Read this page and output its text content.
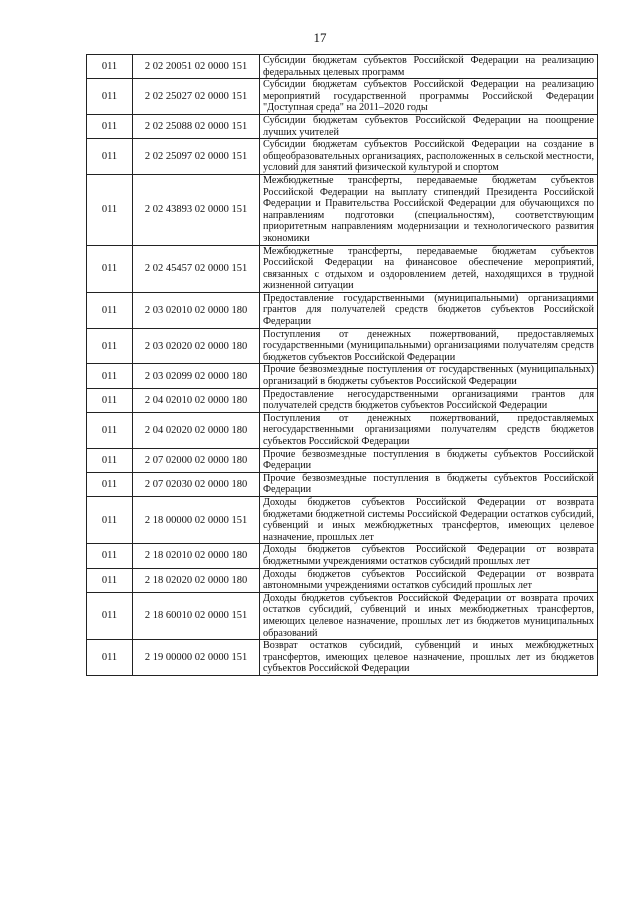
17
011	2 02 20051 02 0000 151	Субсидии бюджетам субъектов Российской Федерации на реализацию федеральных целевых программ
011	2 02 25027 02 0000 151	Субсидии бюджетам субъектов Российской Федерации на реализацию мероприятий государственной программы Российской Федерации "Доступная среда" на 2011–2020 годы
011	2 02 25088 02 0000 151	Субсидии бюджетам субъектов Российской Федерации на поощрение лучших учителей
011	2 02 25097 02 0000 151	Субсидии бюджетам субъектов Российской Федерации на создание в общеобразовательных организациях, расположенных в сельской местности, условий для занятий физической культурой и спортом
011	2 02 43893 02 0000 151	Межбюджетные трансферты, передаваемые бюджетам субъектов Российской Федерации на выплату стипендий Президента Российской Федерации и Правительства Российской Федерации для обучающихся по направлениям подготовки (специальностям), соответствующим приоритетным направлениям модернизации и технологического развития экономики
011	2 02 45457 02 0000 151	Межбюджетные трансферты, передаваемые бюджетам субъектов Российской Федерации на финансовое обеспечение мероприятий, связанных с отдыхом и оздоровлением детей, находящихся в трудной жизненной ситуации
011	2 03 02010 02 0000 180	Предоставление государственными (муниципальными) организациями грантов для получателей средств бюджетов субъектов Российской Федерации
011	2 03 02020 02 0000 180	Поступления от денежных пожертвований, предоставляемых государственными (муниципальными) организациями получателям средств бюджетов субъектов Российской Федерации
011	2 03 02099 02 0000 180	Прочие безвозмездные поступления от государственных (муниципальных) организаций в бюджеты субъектов Российской Федерации
011	2 04 02010 02 0000 180	Предоставление негосударственными организациями грантов для получателей средств бюджетов субъектов Российской Федерации
011	2 04 02020 02 0000 180	Поступления от денежных пожертвований, предоставляемых негосударственными организациями получателям средств бюджетов субъектов Российской Федерации
011	2 07 02000 02 0000 180	Прочие безвозмездные поступления в бюджеты субъектов Российской Федерации
011	2 07 02030 02 0000 180	Прочие безвозмездные поступления в бюджеты субъектов Российской Федерации
011	2 18 00000 02 0000 151	Доходы бюджетов субъектов Российской Федерации от возврата бюджетами бюджетной системы Российской Федерации остатков субсидий, субвенций и иных межбюджетных трансфертов, имеющих целевое назначение, прошлых лет
011	2 18 02010 02 0000 180	Доходы бюджетов субъектов Российской Федерации от возврата бюджетными учреждениями остатков субсидий прошлых лет
011	2 18 02020 02 0000 180	Доходы бюджетов субъектов Российской Федерации от возврата автономными учреждениями остатков субсидий прошлых лет
011	2 18 60010 02 0000 151	Доходы бюджетов субъектов Российской Федерации от возврата прочих остатков субсидий, субвенций и иных межбюджетных трансфертов, имеющих целевое назначение, прошлых лет из бюджетов муниципальных образований
011	2 19 00000 02 0000 151	Возврат остатков субсидий, субвенций и иных межбюджетных трансфертов, имеющих целевое назначение, прошлых лет из бюджетов субъектов Российской Федерации
